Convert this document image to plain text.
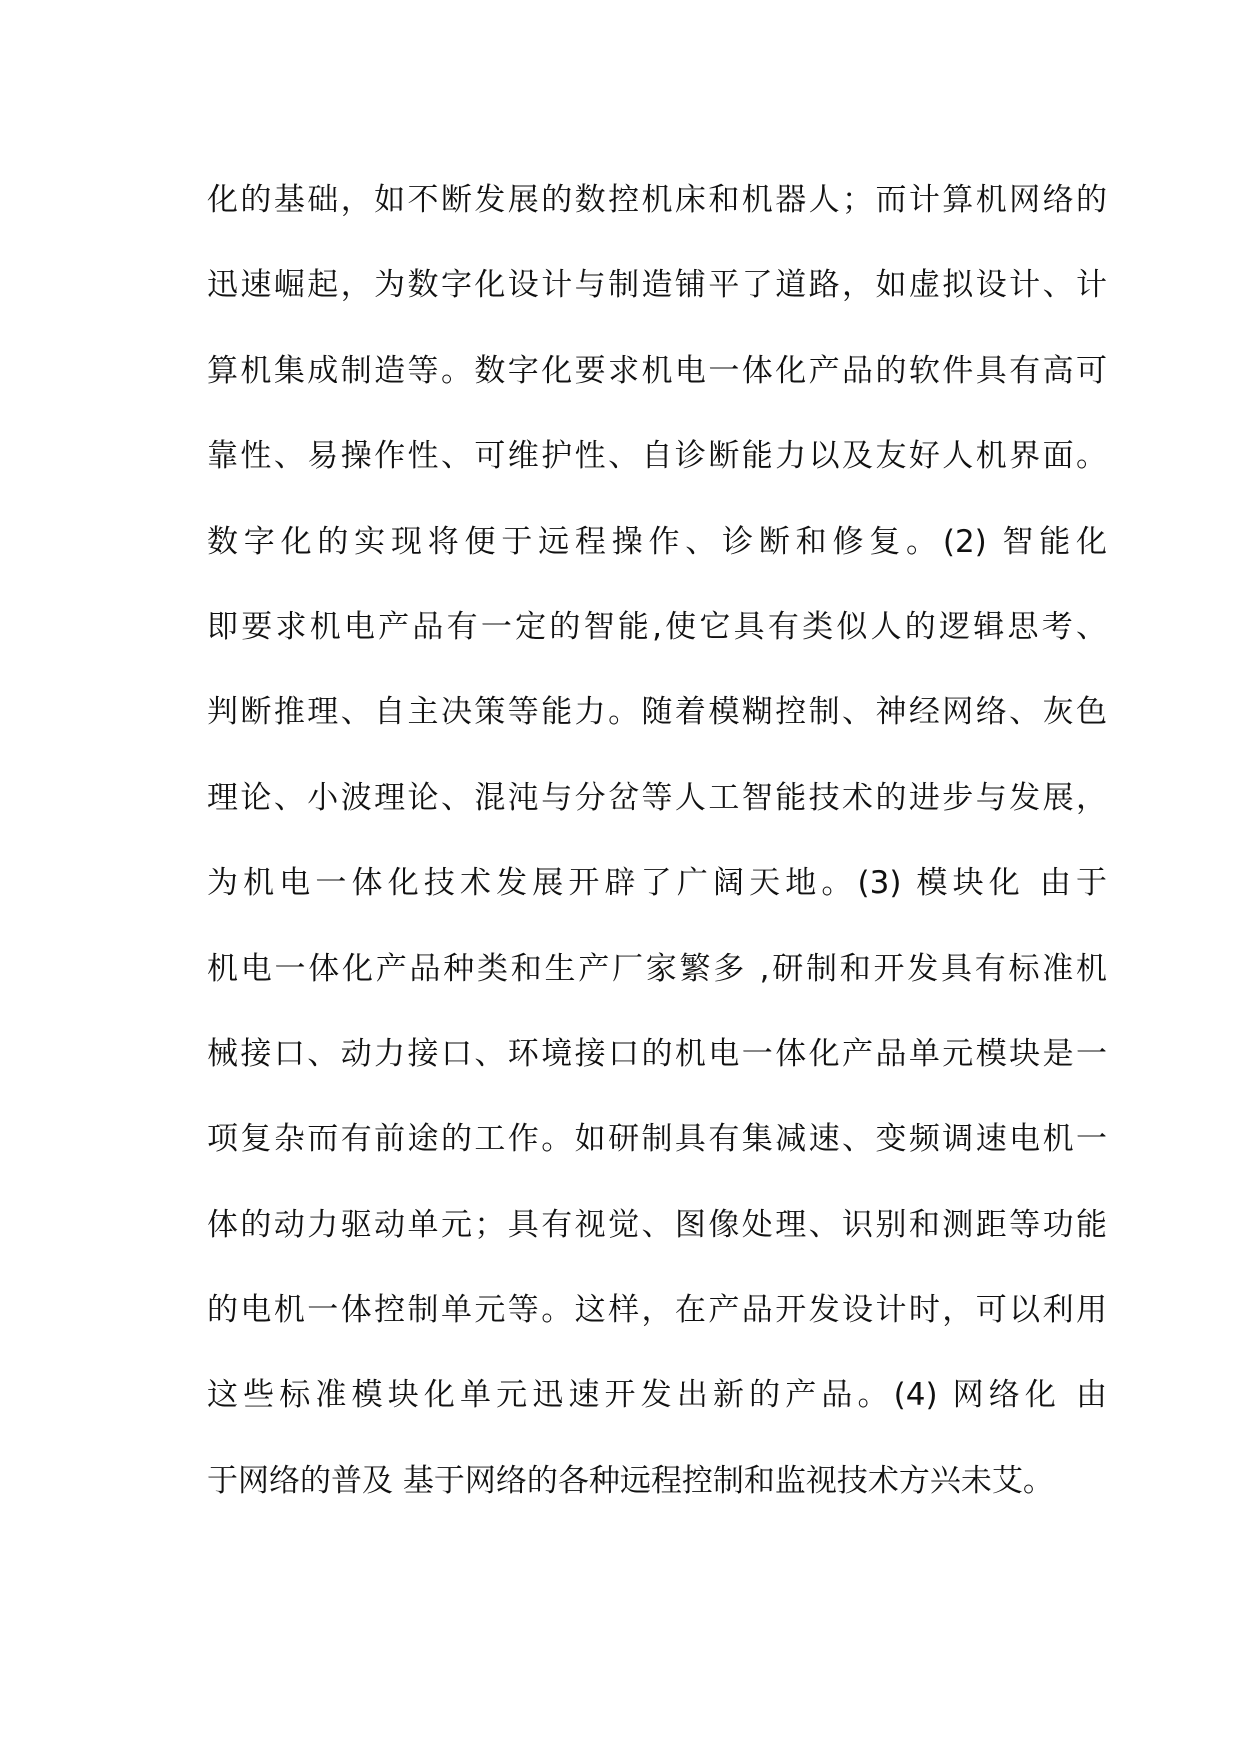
化的基础，如不断发展的数控机床和机器人；而计算机网络的
迅速崛起，为数字化设计与制造铺平了道路，如虚拟设计、计
算机集成制造等。数字化要求机电一体化产品的软件具有高可
靠性、易操作性、可维护性、自诊断能力以及友好人机界面。
数字化的实现将便于远程操作、诊断和修复。(2) 智能化
即要求机电产品有一定的智能,使它具有类似人的逻辑思考、
判断推理、自主决策等能力。随着模糊控制、神经网络、灰色
理论、小波理论、混沌与分岔等人工智能技术的进步与发展，
为机电一体化技术发展开辟了广阔天地。(3) 模块化 由于
机电一体化产品种类和生产厂家繁多 ,研制和开发具有标准机
械接口、动力接口、环境接口的机电一体化产品单元模块是一
项复杂而有前途的工作。如研制具有集减速、变频调速电机一
体的动力驱动单元；具有视觉、图像处理、识别和测距等功能
的电机一体控制单元等。这样，在产品开发设计时，可以利用
这些标准模块化单元迅速开发出新的产品。(4) 网络化 由
于网络的普及 基于网络的各种远程控制和监视技术方兴未艾。
